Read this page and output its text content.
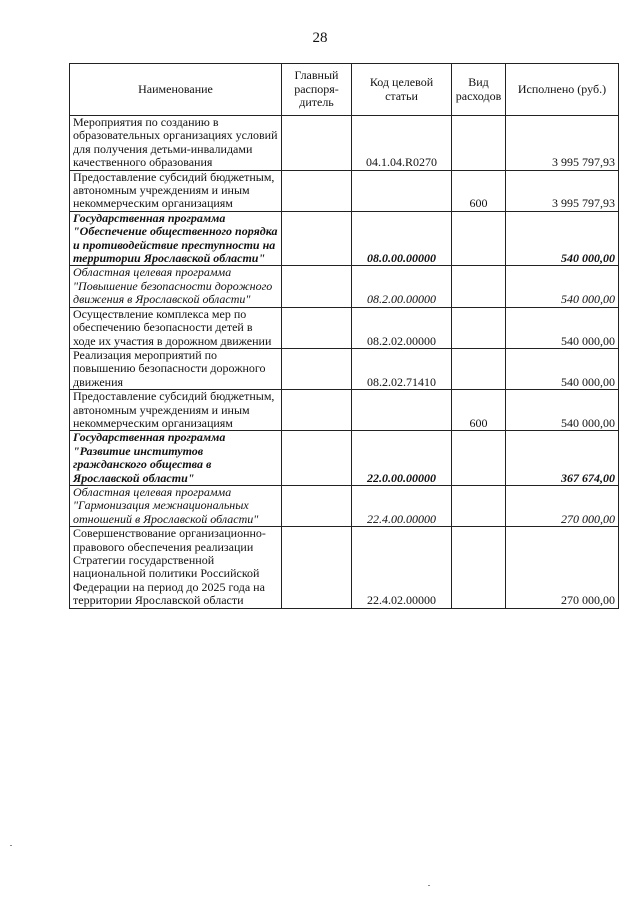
28
Наименование	Главный распоря-дитель	Код целевой статьи	Вид расходов	Исполнено (руб.)
Мероприятия по созданию в образовательных организациях условий для получения детьми-инвалидами качественного образования		04.1.04.R0270		3 995 797,93
Предоставление субсидий бюджетным, автономным учреждениям и иным некоммерческим организациям			600	3 995 797,93
Государственная программа "Обеспечение общественного порядка и противодействие преступности на территории Ярославской области"		08.0.00.00000		540 000,00
Областная целевая программа "Повышение безопасности дорожного движения в Ярославской области"		08.2.00.00000		540 000,00
Осуществление комплекса мер по обеспечению безопасности детей в ходе их участия в дорожном движении		08.2.02.00000		540 000,00
Реализация мероприятий по повышению безопасности дорожного движения		08.2.02.71410		540 000,00
Предоставление субсидий бюджетным, автономным учреждениям и иным некоммерческим организациям			600	540 000,00
Государственная программа "Развитие институтов гражданского общества в Ярославской области"		22.0.00.00000		367 674,00
Областная целевая программа "Гармонизация межнациональных отношений в Ярославской области"		22.4.00.00000		270 000,00
Совершенствование организационно-правового обеспечения реализации Стратегии государственной национальной политики Российской Федерации на период до 2025 года на территории Ярославской области		22.4.02.00000		270 000,00
